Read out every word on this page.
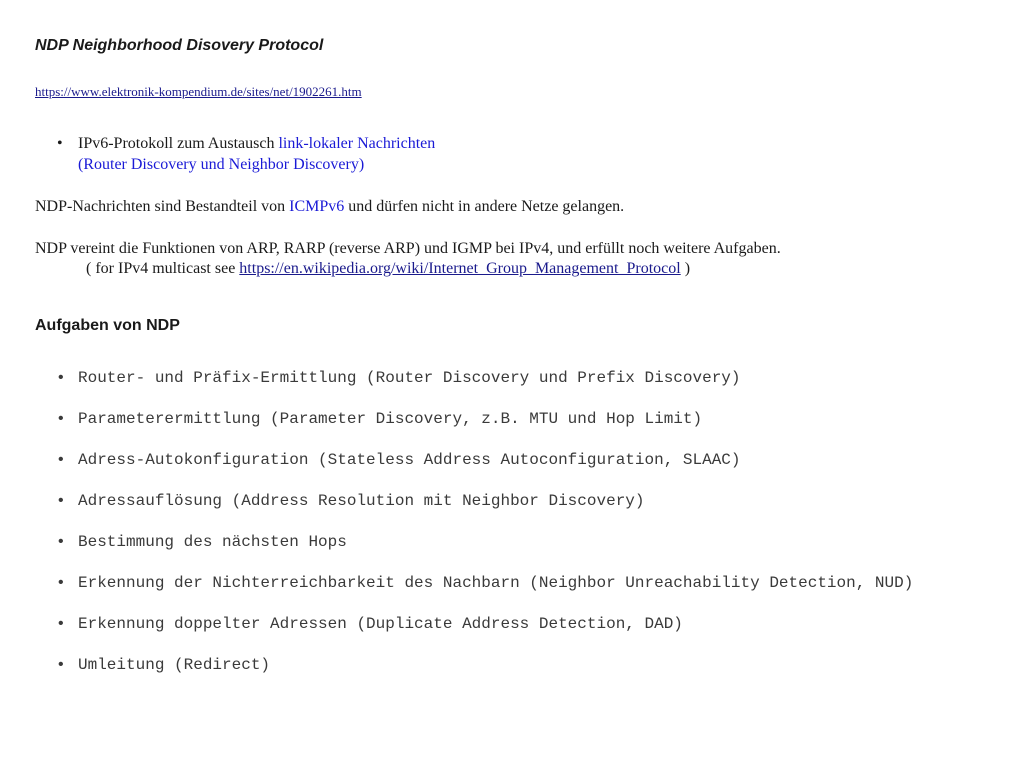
NDP Neighborhood Disovery Protocol
https://www.elektronik-kompendium.de/sites/net/1902261.htm
• IPv6-Protokoll zum Austausch link-lokaler Nachrichten
(Router Discovery und Neighbor Discovery)
NDP-Nachrichten sind Bestandteil von ICMPv6 und dürfen nicht in andere Netze gelangen.
NDP vereint die Funktionen von ARP, RARP (reverse ARP) und IGMP bei IPv4, und erfüllt noch weitere Aufgaben.
( for IPv4 multicast see https://en.wikipedia.org/wiki/Internet_Group_Management_Protocol )
Aufgaben von NDP
• Router- und Präfix-Ermittlung (Router Discovery und Prefix Discovery)
• Parameterermittlung (Parameter Discovery, z.B. MTU und Hop Limit)
• Adress-Autokonfiguration (Stateless Address Autoconfiguration, SLAAC)
• Adressauflösung (Address Resolution mit Neighbor Discovery)
• Bestimmung des nächsten Hops
• Erkennung der Nichterreichbarkeit des Nachbarn (Neighbor Unreachability Detection, NUD)
• Erkennung doppelter Adressen (Duplicate Address Detection, DAD)
• Umleitung (Redirect)
